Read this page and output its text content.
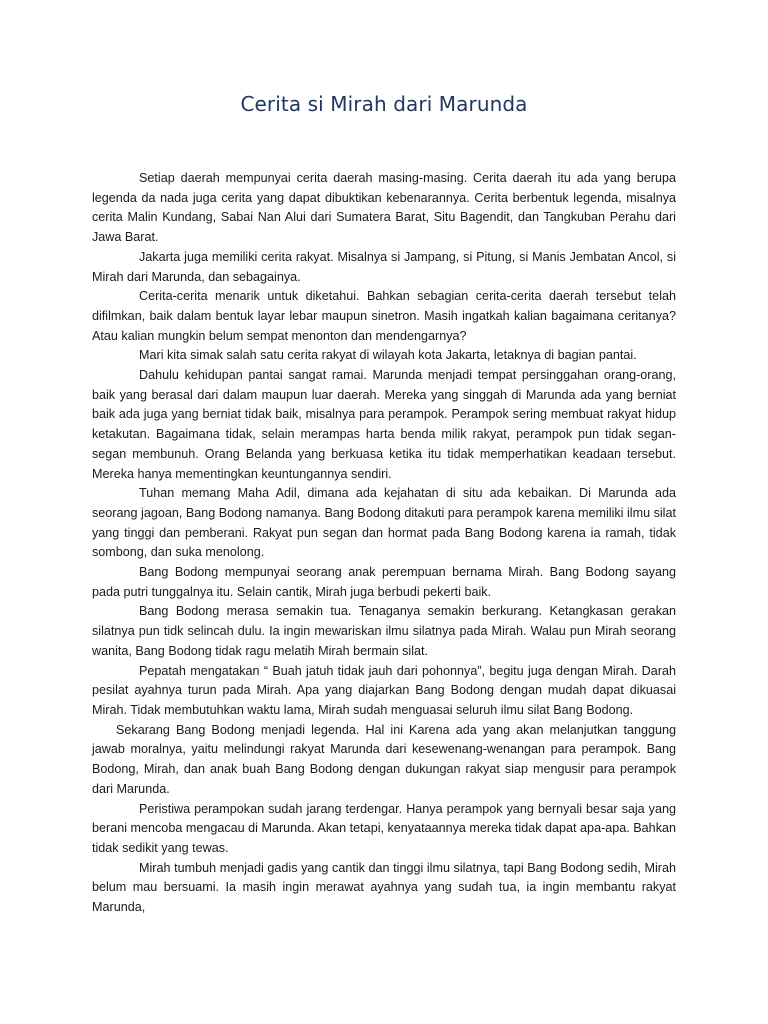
Cerita si Mirah dari Marunda

Setiap daerah mempunyai cerita daerah masing-masing. Cerita daerah itu ada yang berupa legenda da nada juga cerita yang dapat dibuktikan kebenarannya. Cerita berbentuk legenda, misalnya cerita Malin Kundang, Sabai Nan Alui dari Sumatera Barat, Situ Bagendit, dan Tangkuban Perahu dari Jawa Barat.

Jakarta juga memiliki cerita rakyat. Misalnya si Jampang, si Pitung, si Manis Jembatan Ancol, si Mirah dari Marunda, dan sebagainya.

Cerita-cerita menarik untuk diketahui. Bahkan sebagian cerita-cerita daerah tersebut telah difilmkan, baik dalam bentuk layar lebar maupun sinetron. Masih ingatkah kalian bagaimana ceritanya? Atau kalian mungkin belum sempat menonton dan mendengarnya?

Mari kita simak salah satu cerita rakyat di wilayah kota Jakarta, letaknya di bagian pantai.

Dahulu kehidupan pantai sangat ramai. Marunda menjadi tempat persinggahan orang-orang, baik yang berasal dari dalam maupun luar daerah. Mereka yang singgah di Marunda ada yang berniat baik ada juga yang berniat tidak baik, misalnya para perampok. Perampok sering membuat rakyat hidup ketakutan. Bagaimana tidak, selain merampas harta benda milik rakyat, perampok pun tidak segan-segan membunuh. Orang Belanda yang berkuasa ketika itu tidak memperhatikan keadaan tersebut. Mereka hanya mementingkan keuntungannya sendiri.

Tuhan memang Maha Adil, dimana ada kejahatan di situ ada kebaikan. Di Marunda ada seorang jagoan, Bang Bodong namanya. Bang Bodong ditakuti para perampok karena memiliki ilmu silat yang tinggi dan pemberani. Rakyat pun segan dan hormat pada Bang Bodong karena ia ramah, tidak sombong, dan suka menolong.

Bang Bodong mempunyai seorang anak perempuan bernama Mirah. Bang Bodong sayang pada putri tunggalnya itu. Selain cantik, Mirah juga berbudi pekerti baik.

Bang Bodong merasa semakin tua. Tenaganya semakin berkurang. Ketangkasan gerakan silatnya pun tidk selincah dulu. Ia ingin mewariskan ilmu silatnya pada Mirah. Walau pun Mirah seorang wanita, Bang Bodong tidak ragu melatih Mirah bermain silat.

Pepatah mengatakan “ Buah jatuh tidak jauh dari pohonnya”, begitu juga dengan Mirah. Darah pesilat ayahnya turun pada Mirah. Apa yang diajarkan Bang Bodong dengan mudah dapat dikuasai Mirah. Tidak membutuhkan waktu lama, Mirah sudah menguasai seluruh ilmu silat Bang Bodong.

Sekarang Bang Bodong menjadi legenda. Hal ini Karena ada yang akan melanjutkan tanggung jawab moralnya, yaitu melindungi rakyat Marunda dari kesewenang-wenangan para perampok. Bang Bodong, Mirah, dan anak buah Bang Bodong dengan dukungan rakyat siap mengusir para perampok dari Marunda.

Peristiwa perampokan sudah jarang terdengar. Hanya perampok yang bernyali besar saja yang berani mencoba mengacau di Marunda. Akan tetapi, kenyataannya mereka tidak dapat apa-apa. Bahkan tidak sedikit yang tewas.

Mirah tumbuh menjadi gadis yang cantik dan tinggi ilmu silatnya, tapi Bang Bodong sedih, Mirah belum mau bersuami. Ia masih ingin merawat ayahnya yang sudah tua, ia ingin membantu rakyat Marunda,
